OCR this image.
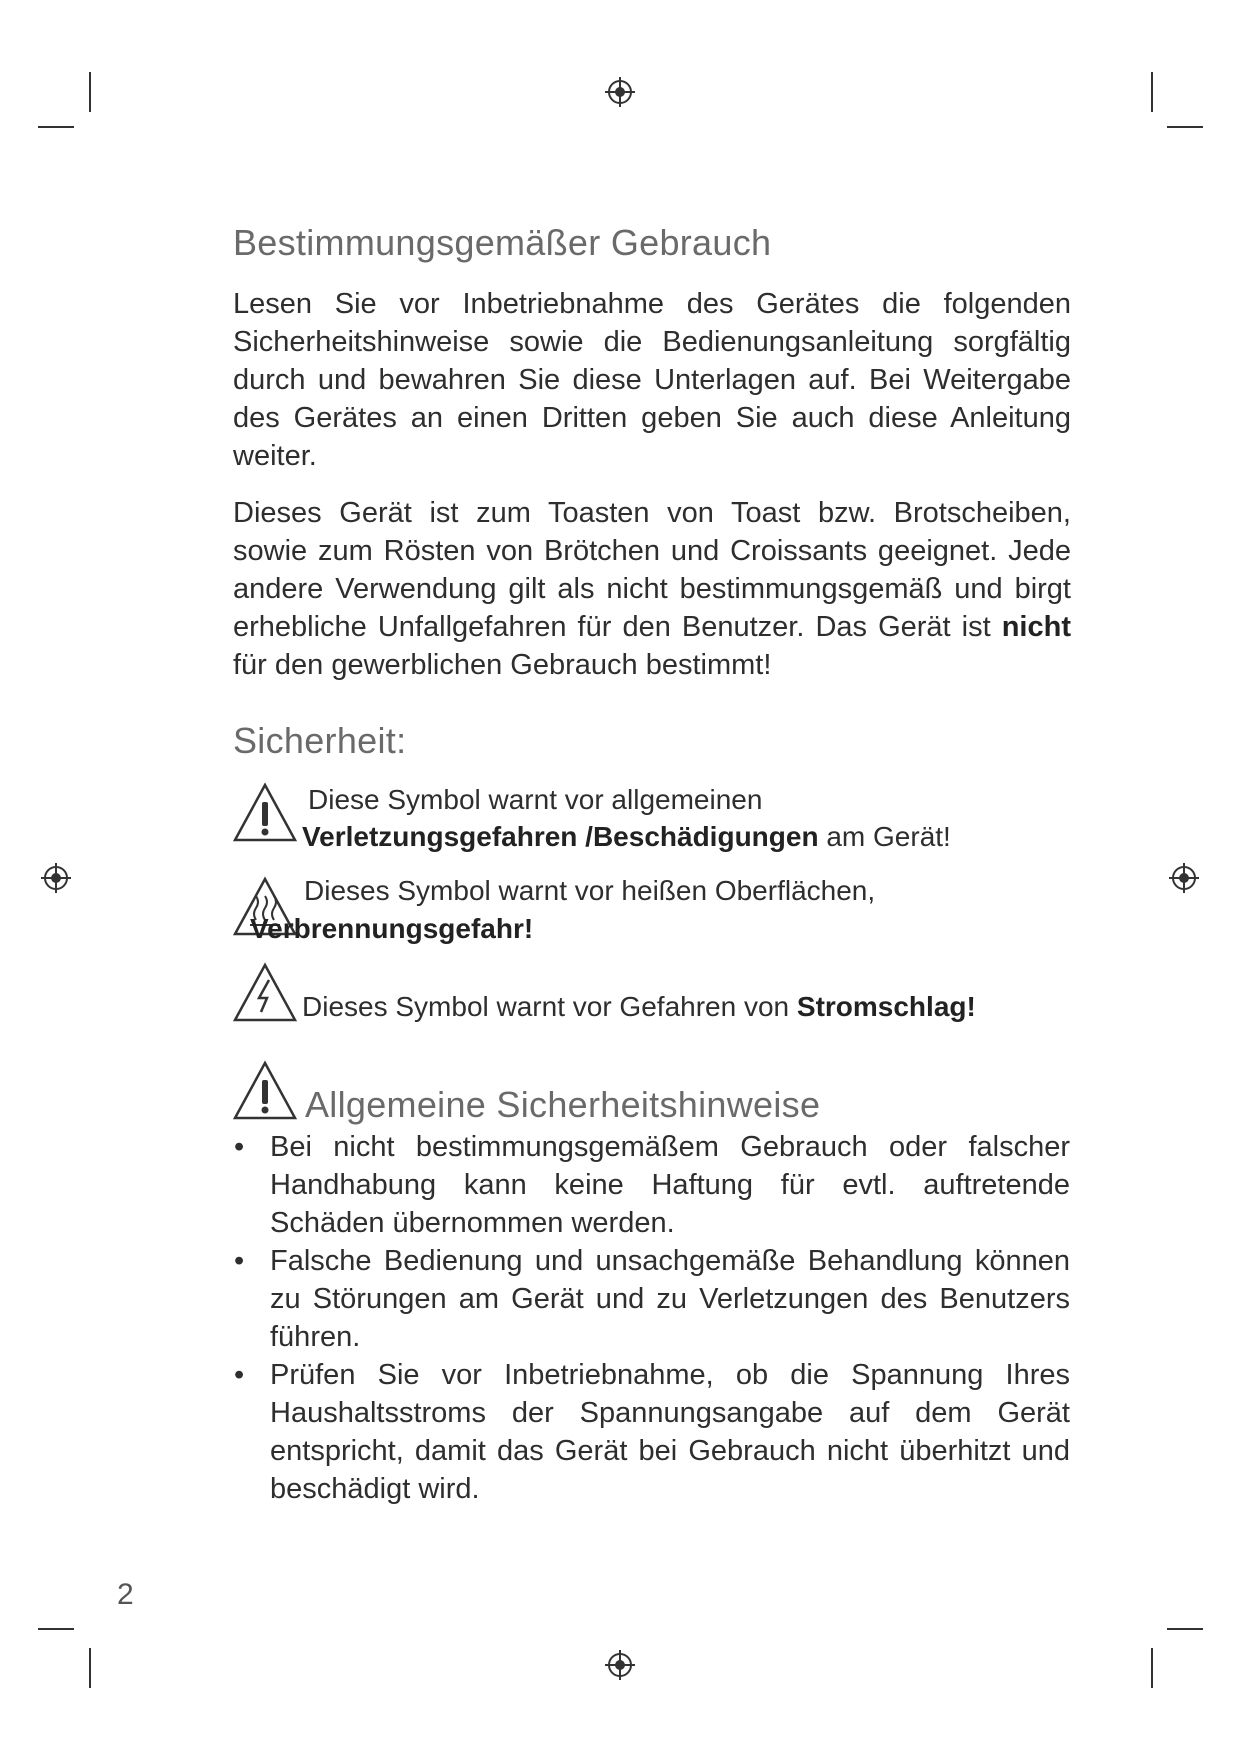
Bestimmungsgemäßer Gebrauch
Lesen Sie vor Inbetriebnahme des Gerätes die folgenden Sicherheitshinweise sowie die Bedienungsanleitung sorgfältig durch und bewahren Sie diese Unterlagen auf. Bei Weitergabe des Gerätes an einen Dritten geben Sie auch diese Anleitung weiter.
Dieses Gerät ist zum Toasten von Toast bzw. Brotscheiben, sowie zum Rösten von Brötchen und Croissants geeignet. Jede andere Verwendung gilt als nicht bestimmungsgemäß und birgt erhebliche Unfallgefahren für den Benutzer. Das Gerät ist nicht für den gewerblichen Gebrauch bestimmt!
Sicherheit:
Diese Symbol warnt vor allgemeinen
Verletzungsgefahren /Beschädigungen am Gerät!
Dieses Symbol warnt vor heißen Oberflächen,
Verbrennungsgefahr!
Dieses Symbol warnt vor Gefahren von Stromschlag!
Allgemeine Sicherheitshinweise
• Bei nicht bestimmungsgemäßem Gebrauch oder falscher Handhabung kann keine Haftung für evtl. auftretende Schäden übernommen werden.
• Falsche Bedienung und unsachgemäße Behandlung können zu Störungen am Gerät und zu Verletzungen des Benutzers führen.
• Prüfen Sie vor Inbetriebnahme, ob die Spannung Ihres Haushaltsstroms der Spannungsangabe auf dem Gerät entspricht, damit das Gerät bei Gebrauch nicht überhitzt und beschädigt wird.
2
